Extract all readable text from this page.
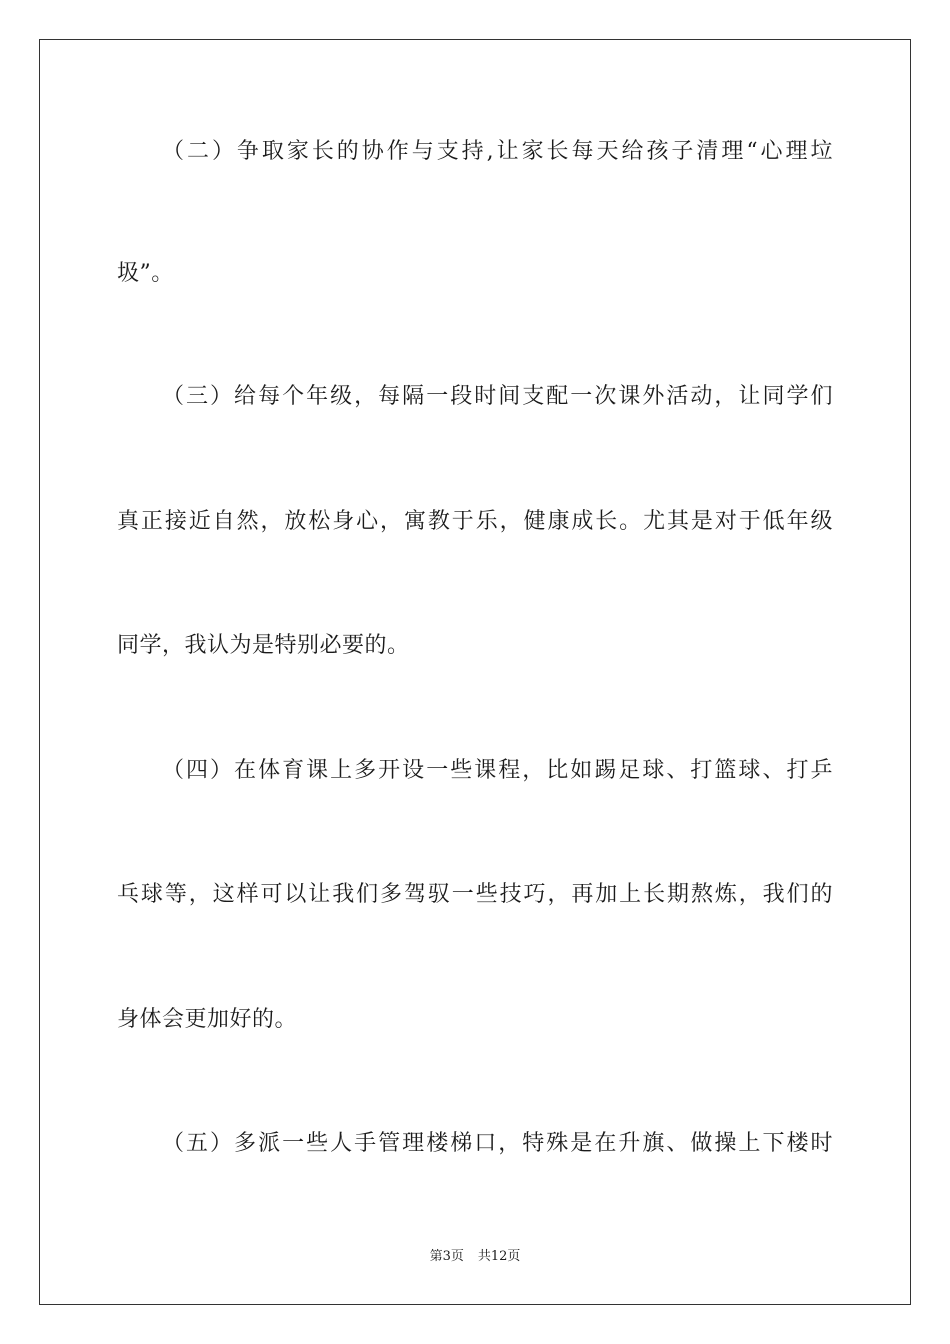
（二）争取家长的协作与支持,让家长每天给孩子清理“心理垃
圾”。
（三）给每个年级，每隔一段时间支配一次课外活动，让同学们
真正接近自然，放松身心，寓教于乐，健康成长。尤其是对于低年级
同学，我认为是特别必要的。
（四）在体育课上多开设一些课程，比如踢足球、打篮球、打乒
乓球等，这样可以让我们多驾驭一些技巧，再加上长期熬炼，我们的
身体会更加好的。
（五）多派一些人手管理楼梯口，特殊是在升旗、做操上下楼时
第3页 共12页
